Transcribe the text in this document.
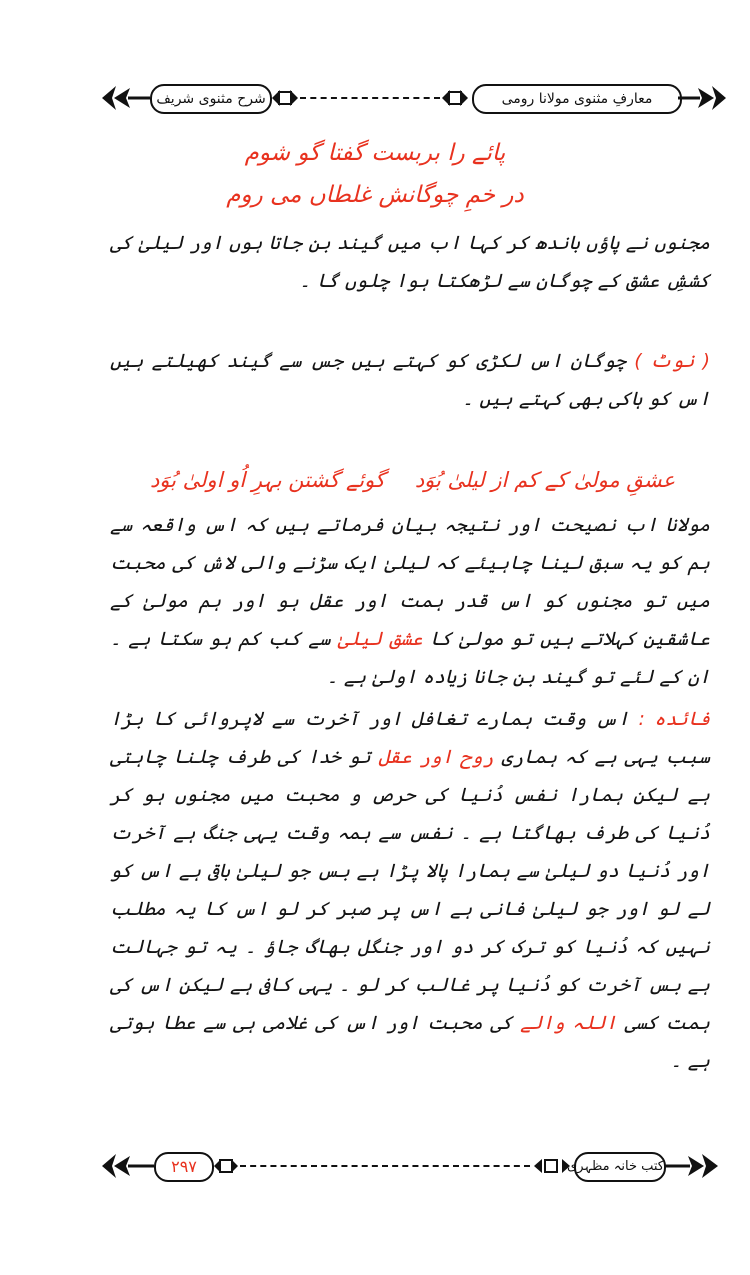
شرح مثنوی شریف	معارفِ مثنوی مولانا رومی
پائے را بربست گفتا گو شوم
در خمِ چوگانش غلطاں می روم
مجنوں نے پاؤں باندھ کر کہا اب میں گیند بن جاتا ہوں اور لیلیٰ کی کششِ عشق کے چوگان سے لڑھکتا ہوا چلوں گا ۔
( نوٹ ) چوگان اس لکڑی کو کہتے ہیں جس سے گیند کھیلتے ہیں اس کو ہاکی بھی کہتے ہیں ۔
عشقِ مولیٰ کے کم از لیلیٰ بُوَد
گوئے گشتن بہرِ اُو اولیٰ بُوَد
مولانا اب نصیحت اور نتیجہ بیان فرماتے ہیں کہ اس واقعہ سے ہم کو یہ سبق لینا چاہیئے کہ لیلیٰ ایک سڑنے والی لاش کی محبت میں تو مجنوں کو اس قدر ہمت اور عقل ہو اور ہم مولیٰ کے عاشقین کہلاتے ہیں تو مولیٰ کا عشق لیلیٰ سے کب کم ہو سکتا ہے ۔ ان کے لئے تو گیند بن جانا زیادہ اولیٰ ہے ۔
فائدہ : اس وقت ہمارے تغافل اور آخرت سے لاپروائی کا بڑا سبب یہی ہے کہ ہماری روح اور عقل تو خدا کی طرف چلنا چاہتی ہے لیکن ہمارا نفس دُنیا کی حرص و محبت میں مجنوں ہو کر دُنیا کی طرف بھاگتا ہے ۔ نفس سے ہمہ وقت یہی جنگ ہے آخرت اور دُنیا دو لیلیٰ سے ہمارا پالا پڑا ہے بس جو لیلیٰ باقی ہے اس کو لے لو اور جو لیلیٰ فانی ہے اس پر صبر کر لو اس کا یہ مطلب نہیں کہ دُنیا کو ترک کر دو اور جنگل بھاگ جاؤ ۔ یہ تو جہالت ہے بس آخرت کو دُنیا پر غالب کر لو ۔ یہی کافی ہے لیکن اس کی ہمت کسی اللہ والے کی محبت اور اس کی غلامی ہی سے عطا ہوتی ہے ۔
۲۹۷	کتب خانہ مظہری
